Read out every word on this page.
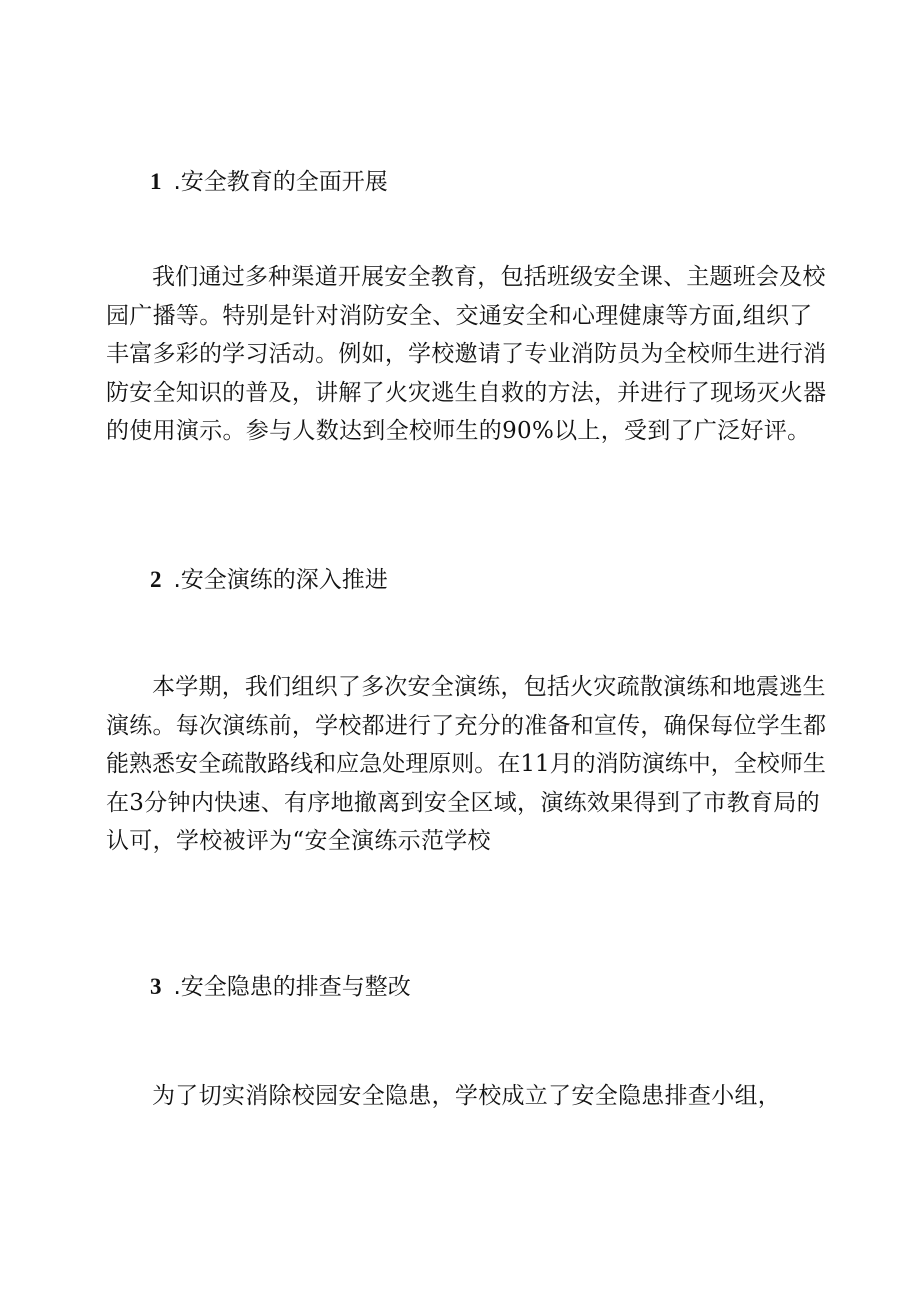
1 .安全教育的全面开展
我们通过多种渠道开展安全教育，包括班级安全课、主题班会及校
园广播等。特别是针对消防安全、交通安全和心理健康等方面,组织了
丰富多彩的学习活动。例如，学校邀请了专业消防员为全校师生进行消
防安全知识的普及，讲解了火灾逃生自救的方法，并进行了现场灭火器
的使用演示。参与人数达到全校师生的90%以上，受到了广泛好评。
2 .安全演练的深入推进
本学期，我们组织了多次安全演练，包括火灾疏散演练和地震逃生
演练。每次演练前，学校都进行了充分的准备和宣传，确保每位学生都
能熟悉安全疏散路线和应急处理原则。在11月的消防演练中，全校师生
在3分钟内快速、有序地撤离到安全区域，演练效果得到了市教育局的
认可，学校被评为“安全演练示范学校
3 .安全隐患的排查与整改
为了切实消除校园安全隐患，学校成立了安全隐患排查小组，
